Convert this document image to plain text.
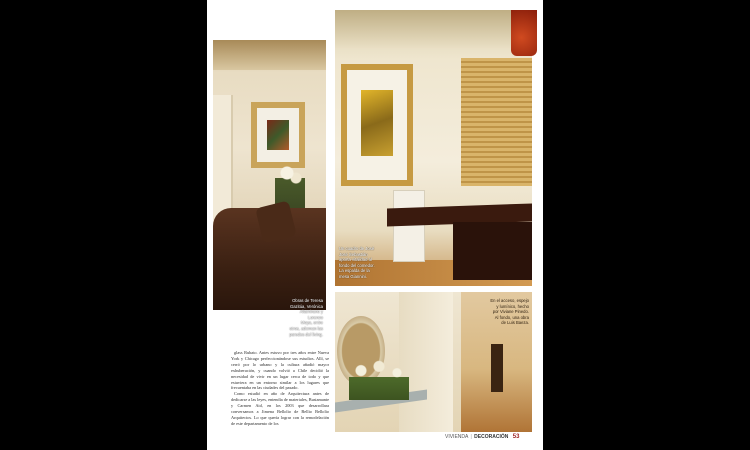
Obras de Teresa
Gazitúa, Verónica
Altamirano y Lorenzo
Moya, entre
otros, adornan las
paredes del living.
Un cuadro de José
José Sebastián
aporta vitalidad al
fondo del comedor.
La espalda de la
mesa Giannini.
En el acceso, espejo
y lumínico, hecho
por Viviane Pinedo.
Al fondo, una obra
de Luis Baeza.

glass Rubato. Antes estuvo por tres años entre Nueva York y Chicago perfeccionándose sus estudios. Allí, se cerró por lo urbano y la cultura añadió mayor exhuberación, y cuando volvió a Chile decidió la necesidad de vivir en un lugar cerca de todo y que estuviera en un entorno similar a los lugares que frecuentaba en las ciudades del pasado.

Como estudió en año de Arquitectura antes de dedicarse a las leyes, entendía de materiales, Bustamante y Carmen Aid, en los 2003 que desarrollara conversamos a Jimena Bellolio de Bellio Bellolio Arquitectos. Lo que quería lograr con la remodelación de este departamento de los

VIVIENDA | DECORACIÓN 53
